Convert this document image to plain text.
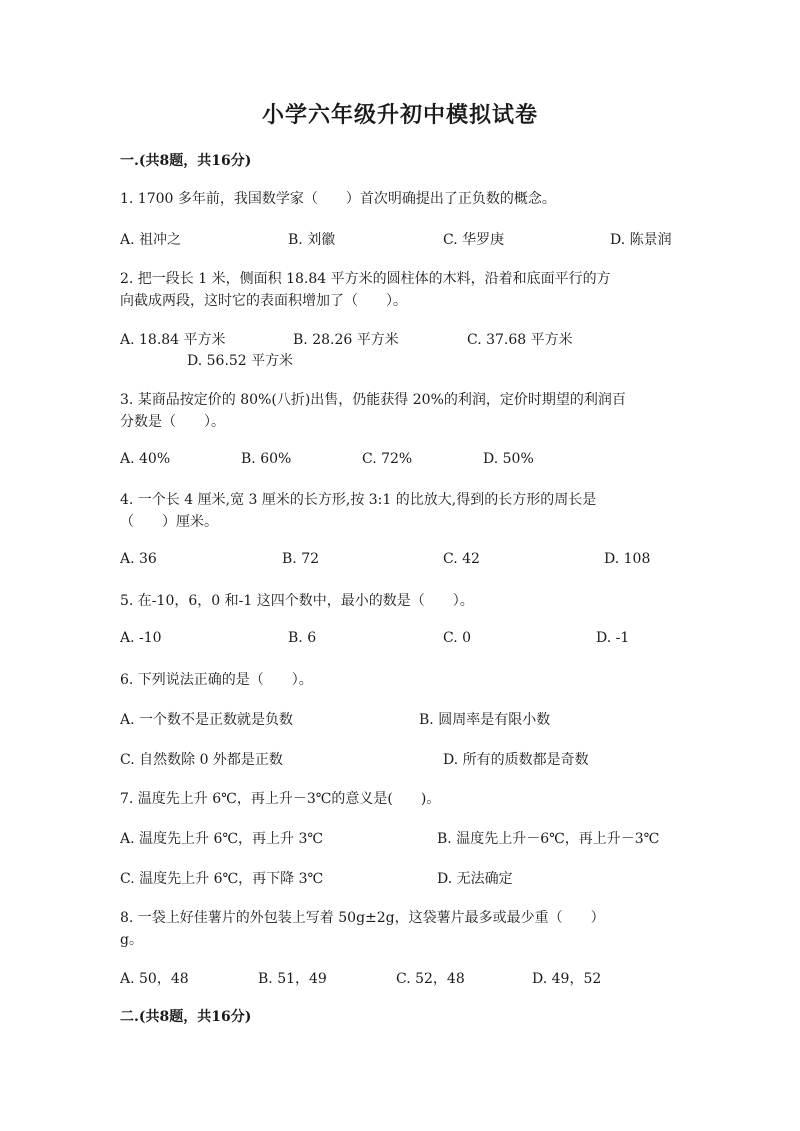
小学六年级升初中模拟试卷
一.(共8题，共16分)
1. 1700 多年前，我国数学家（　　）首次明确提出了正负数的概念。
A. 祖冲之	B. 刘徽	C. 华罗庚	D. 陈景润
2. 把一段长 1 米，侧面积 18.84 平方米的圆柱体的木料，沿着和底面平行的方
向截成两段，这时它的表面积增加了（　　）。
A. 18.84 平方米	B. 28.26 平方米	C. 37.68 平方米
D. 56.52 平方米
3. 某商品按定价的 80%(八折)出售，仍能获得 20%的利润，定价时期望的利润百
分数是（　　）。
A. 40%	B. 60%	C. 72%	D. 50%
4. 一个长 4 厘米,宽 3 厘米的长方形,按 3:1 的比放大,得到的长方形的周长是
（　　）厘米。
A. 36	B. 72	C. 42	D. 108
5. 在-10，6，0 和-1 这四个数中，最小的数是（　　）。
A. -10	B. 6	C. 0	D. -1
6. 下列说法正确的是（　　）。
A. 一个数不是正数就是负数	B. 圆周率是有限小数
C. 自然数除 0 外都是正数	D. 所有的质数都是奇数
7. 温度先上升 6℃，再上升－3℃的意义是(　　)。
A. 温度先上升 6℃，再上升 3℃	B. 温度先上升－6℃，再上升－3℃
C. 温度先上升 6℃，再下降 3℃	D. 无法确定
8. 一袋上好佳薯片的外包装上写着 50g±2g，这袋薯片最多或最少重（　　）
g。
A. 50，48	B. 51，49	C. 52，48	D. 49，52
二.(共8题，共16分)
